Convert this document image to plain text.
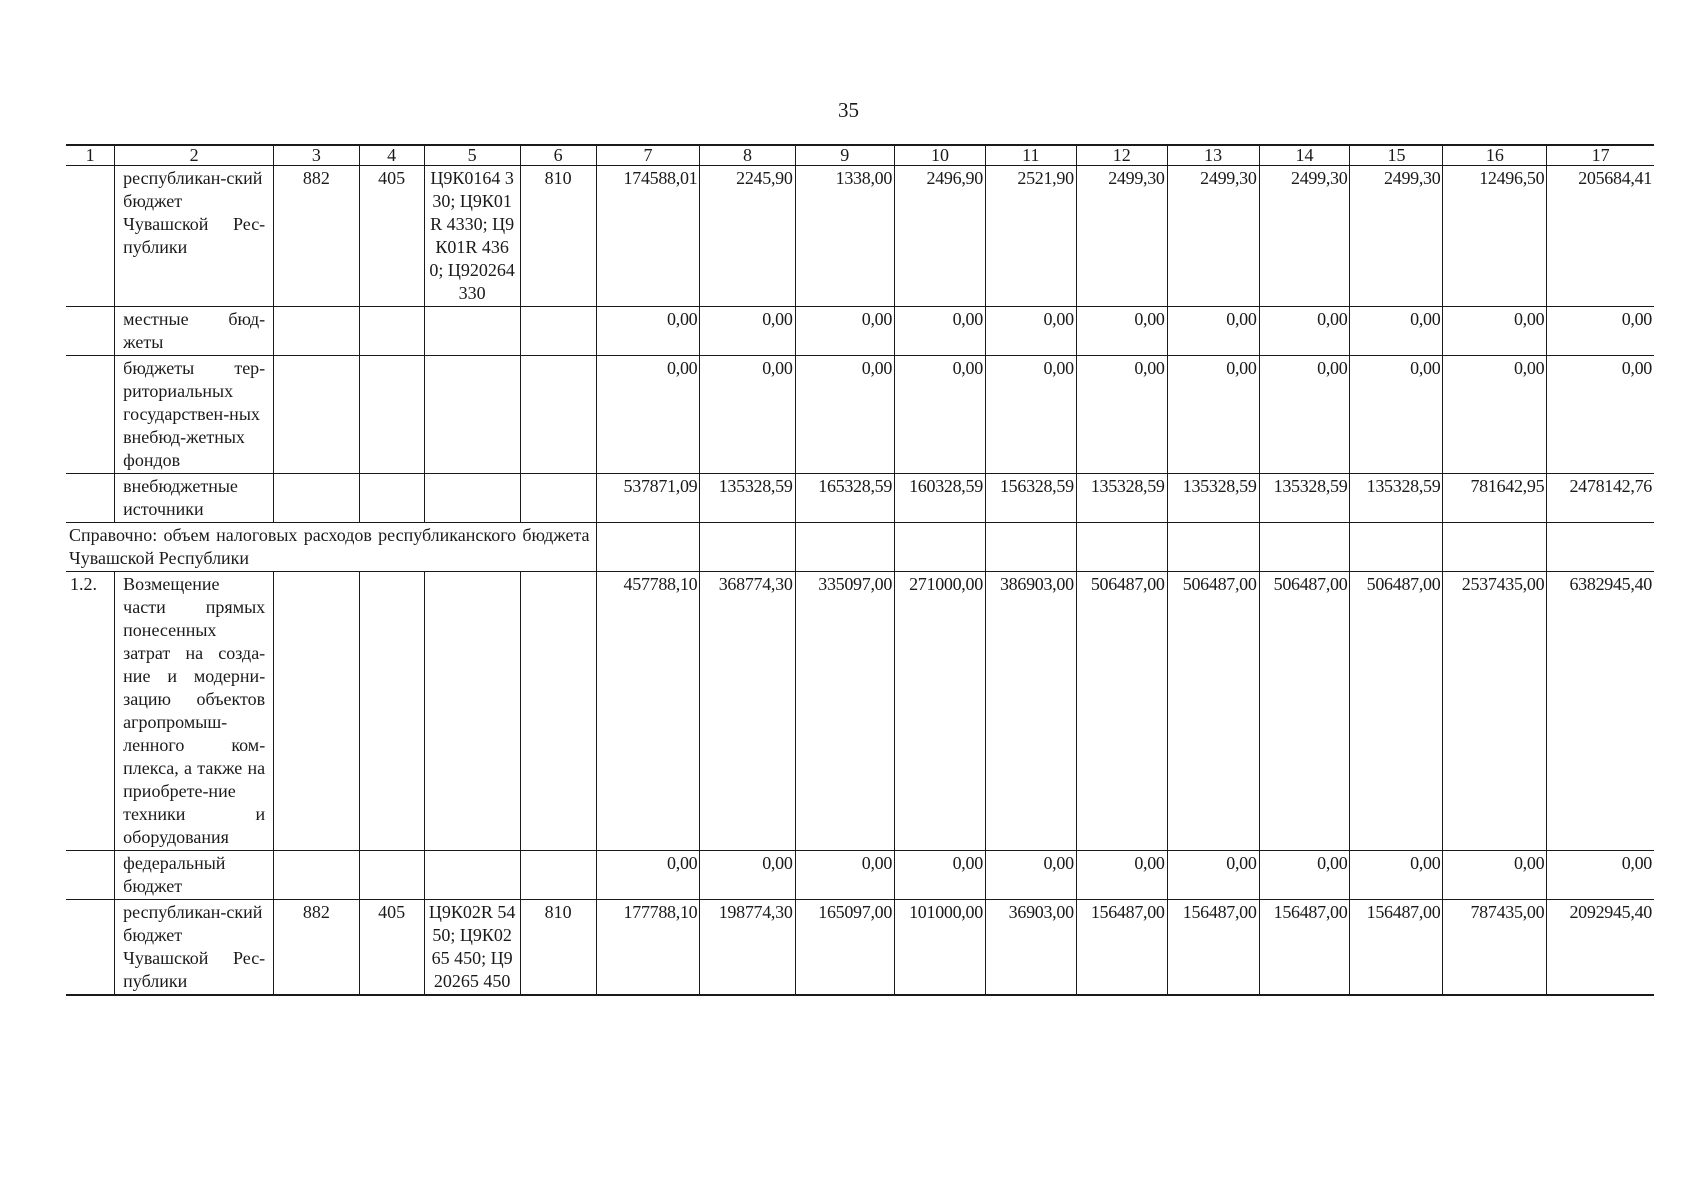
35
1	2	3	4	5	6	7	8	9	10	11	12	13	14	15	16	17
	республикан-ский бюджет Чувашской Рес-публики	882	405	Ц9К0164 330; Ц9К01R 4330; Ц9К01R 4360; Ц920264 330	810	174588,01	2245,90	1338,00	2496,90	2521,90	2499,30	2499,30	2499,30	2499,30	12496,50	205684,41
	местные бюд-жеты					0,00	0,00	0,00	0,00	0,00	0,00	0,00	0,00	0,00	0,00	0,00
	бюджеты тер-риториальных государствен-ных внебюд-жетных фондов					0,00	0,00	0,00	0,00	0,00	0,00	0,00	0,00	0,00	0,00	0,00
	внебюджетные источники					537871,09	135328,59	165328,59	160328,59	156328,59	135328,59	135328,59	135328,59	135328,59	781642,95	2478142,76
Справочно: объем налоговых расходов республиканского бюджета Чувашской Республики																
1.2.	Возмещение части прямых понесенных затрат на созда-ние и модерни-зацию объектов агропромыш-ленного ком-плекса, а также на приобрете-ние техники и оборудования					457788,10	368774,30	335097,00	271000,00	386903,00	506487,00	506487,00	506487,00	506487,00	2537435,00	6382945,40
	федеральный бюджет					0,00	0,00	0,00	0,00	0,00	0,00	0,00	0,00	0,00	0,00	0,00
	республикан-ский бюджет Чувашской Рес-публики	882	405	Ц9К02R 5450; Ц9К0265 450; Ц920265 450	810	177788,10	198774,30	165097,00	101000,00	36903,00	156487,00	156487,00	156487,00	156487,00	787435,00	2092945,40
